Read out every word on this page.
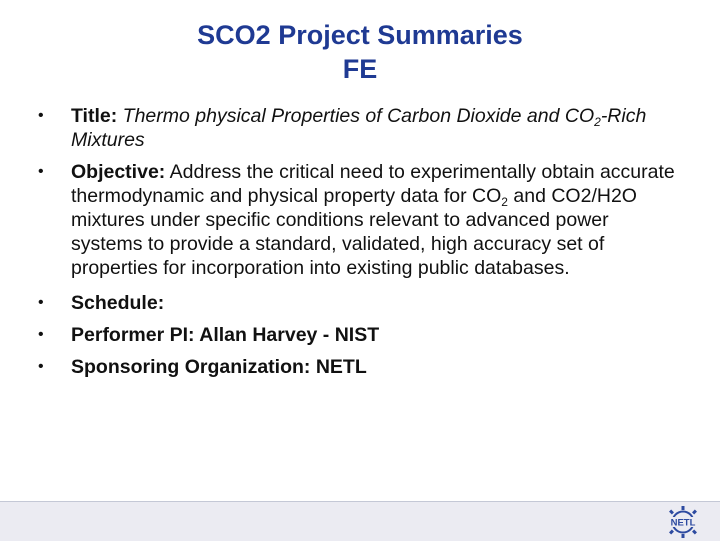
SCO2 Project Summaries
FE
• Title: Thermo physical Properties of Carbon Dioxide and $CO_2$-Rich Mixtures
• Objective: Address the critical need to experimentally obtain accurate thermodynamic and physical property data for $CO_2$ and CO2/H2O mixtures under specific conditions relevant to advanced power systems to provide a standard, validated, high accuracy set of properties for incorporation into existing public databases.
• Schedule:
• Performer PI: Allan Harvey - NIST
• Sponsoring Organization: NETL
NETL
